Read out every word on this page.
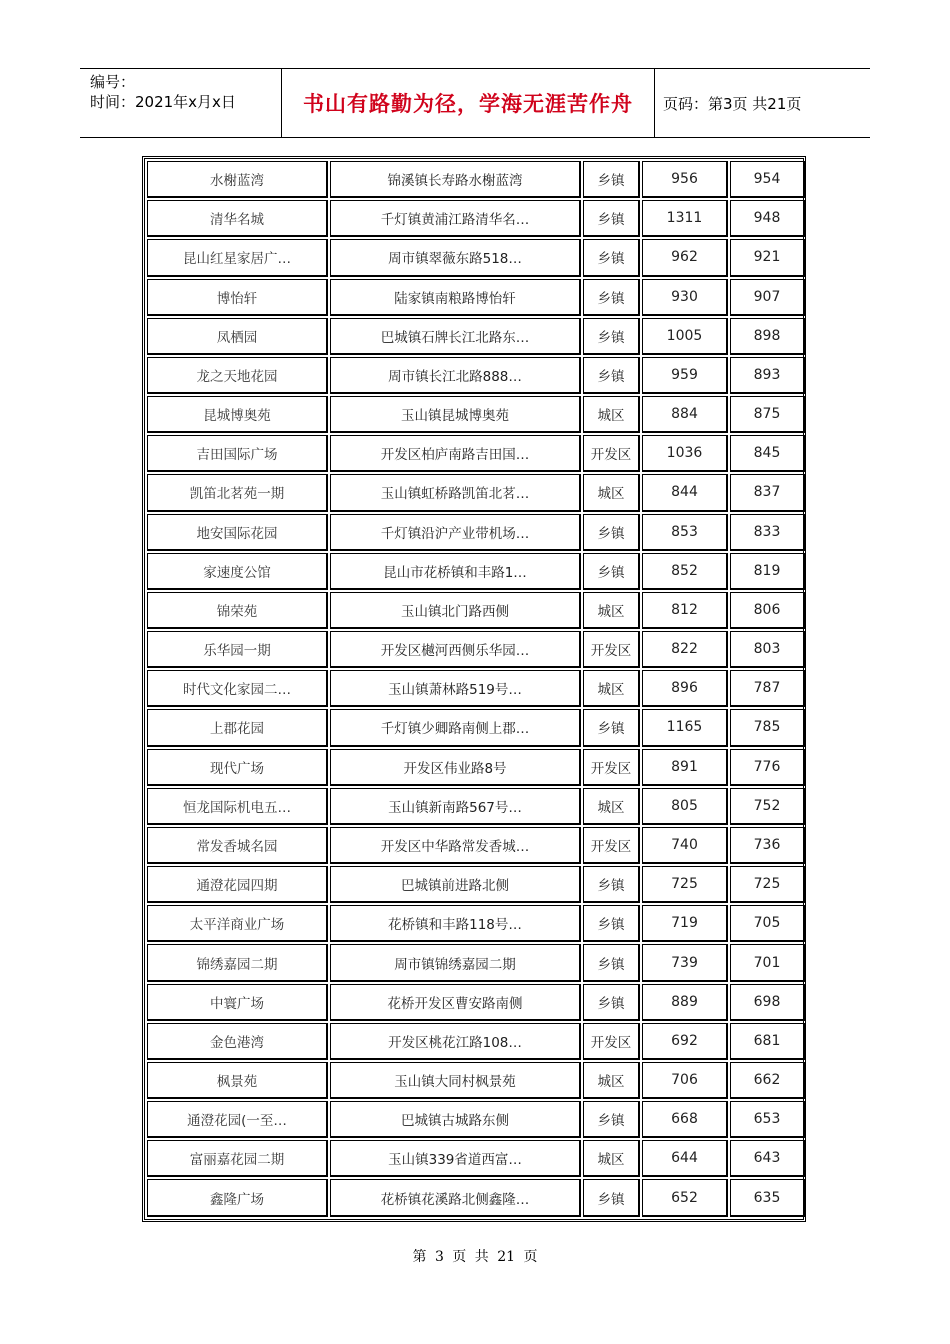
编号：
时间：2021年x月x日	书山有路勤为径，学海无涯苦作舟	页码：第3页 共21页
水榭蓝湾	锦溪镇长寿路水榭蓝湾	乡镇	956	954
清华名城	千灯镇黄浦江路清华名…	乡镇	1311	948
昆山红星家居广…	周市镇翠薇东路518…	乡镇	962	921
博怡轩	陆家镇南粮路博怡轩	乡镇	930	907
凤栖园	巴城镇石牌长江北路东…	乡镇	1005	898
龙之天地花园	周市镇长江北路888…	乡镇	959	893
昆城博奥苑	玉山镇昆城博奥苑	城区	884	875
吉田国际广场	开发区柏庐南路吉田国…	开发区	1036	845
凯笛北茗苑一期	玉山镇虹桥路凯笛北茗…	城区	844	837
地安国际花园	千灯镇沿沪产业带机场…	乡镇	853	833
家速度公馆	昆山市花桥镇和丰路1…	乡镇	852	819
锦荣苑	玉山镇北门路西侧	城区	812	806
乐华园一期	开发区樾河西侧乐华园…	开发区	822	803
时代文化家园二…	玉山镇萧林路519号…	城区	896	787
上郡花园	千灯镇少卿路南侧上郡…	乡镇	1165	785
现代广场	开发区伟业路8号	开发区	891	776
恒龙国际机电五…	玉山镇新南路567号…	城区	805	752
常发香城名园	开发区中华路常发香城…	开发区	740	736
通澄花园四期	巴城镇前进路北侧	乡镇	725	725
太平洋商业广场	花桥镇和丰路118号…	乡镇	719	705
锦绣嘉园二期	周市镇锦绣嘉园二期	乡镇	739	701
中寰广场	花桥开发区曹安路南侧	乡镇	889	698
金色港湾	开发区桃花江路108…	开发区	692	681
枫景苑	玉山镇大同村枫景苑	城区	706	662
通澄花园(一至…	巴城镇古城路东侧	乡镇	668	653
富丽嘉花园二期	玉山镇339省道西富…	城区	644	643
鑫隆广场	花桥镇花溪路北侧鑫隆…	乡镇	652	635
第 3 页 共 21 页
